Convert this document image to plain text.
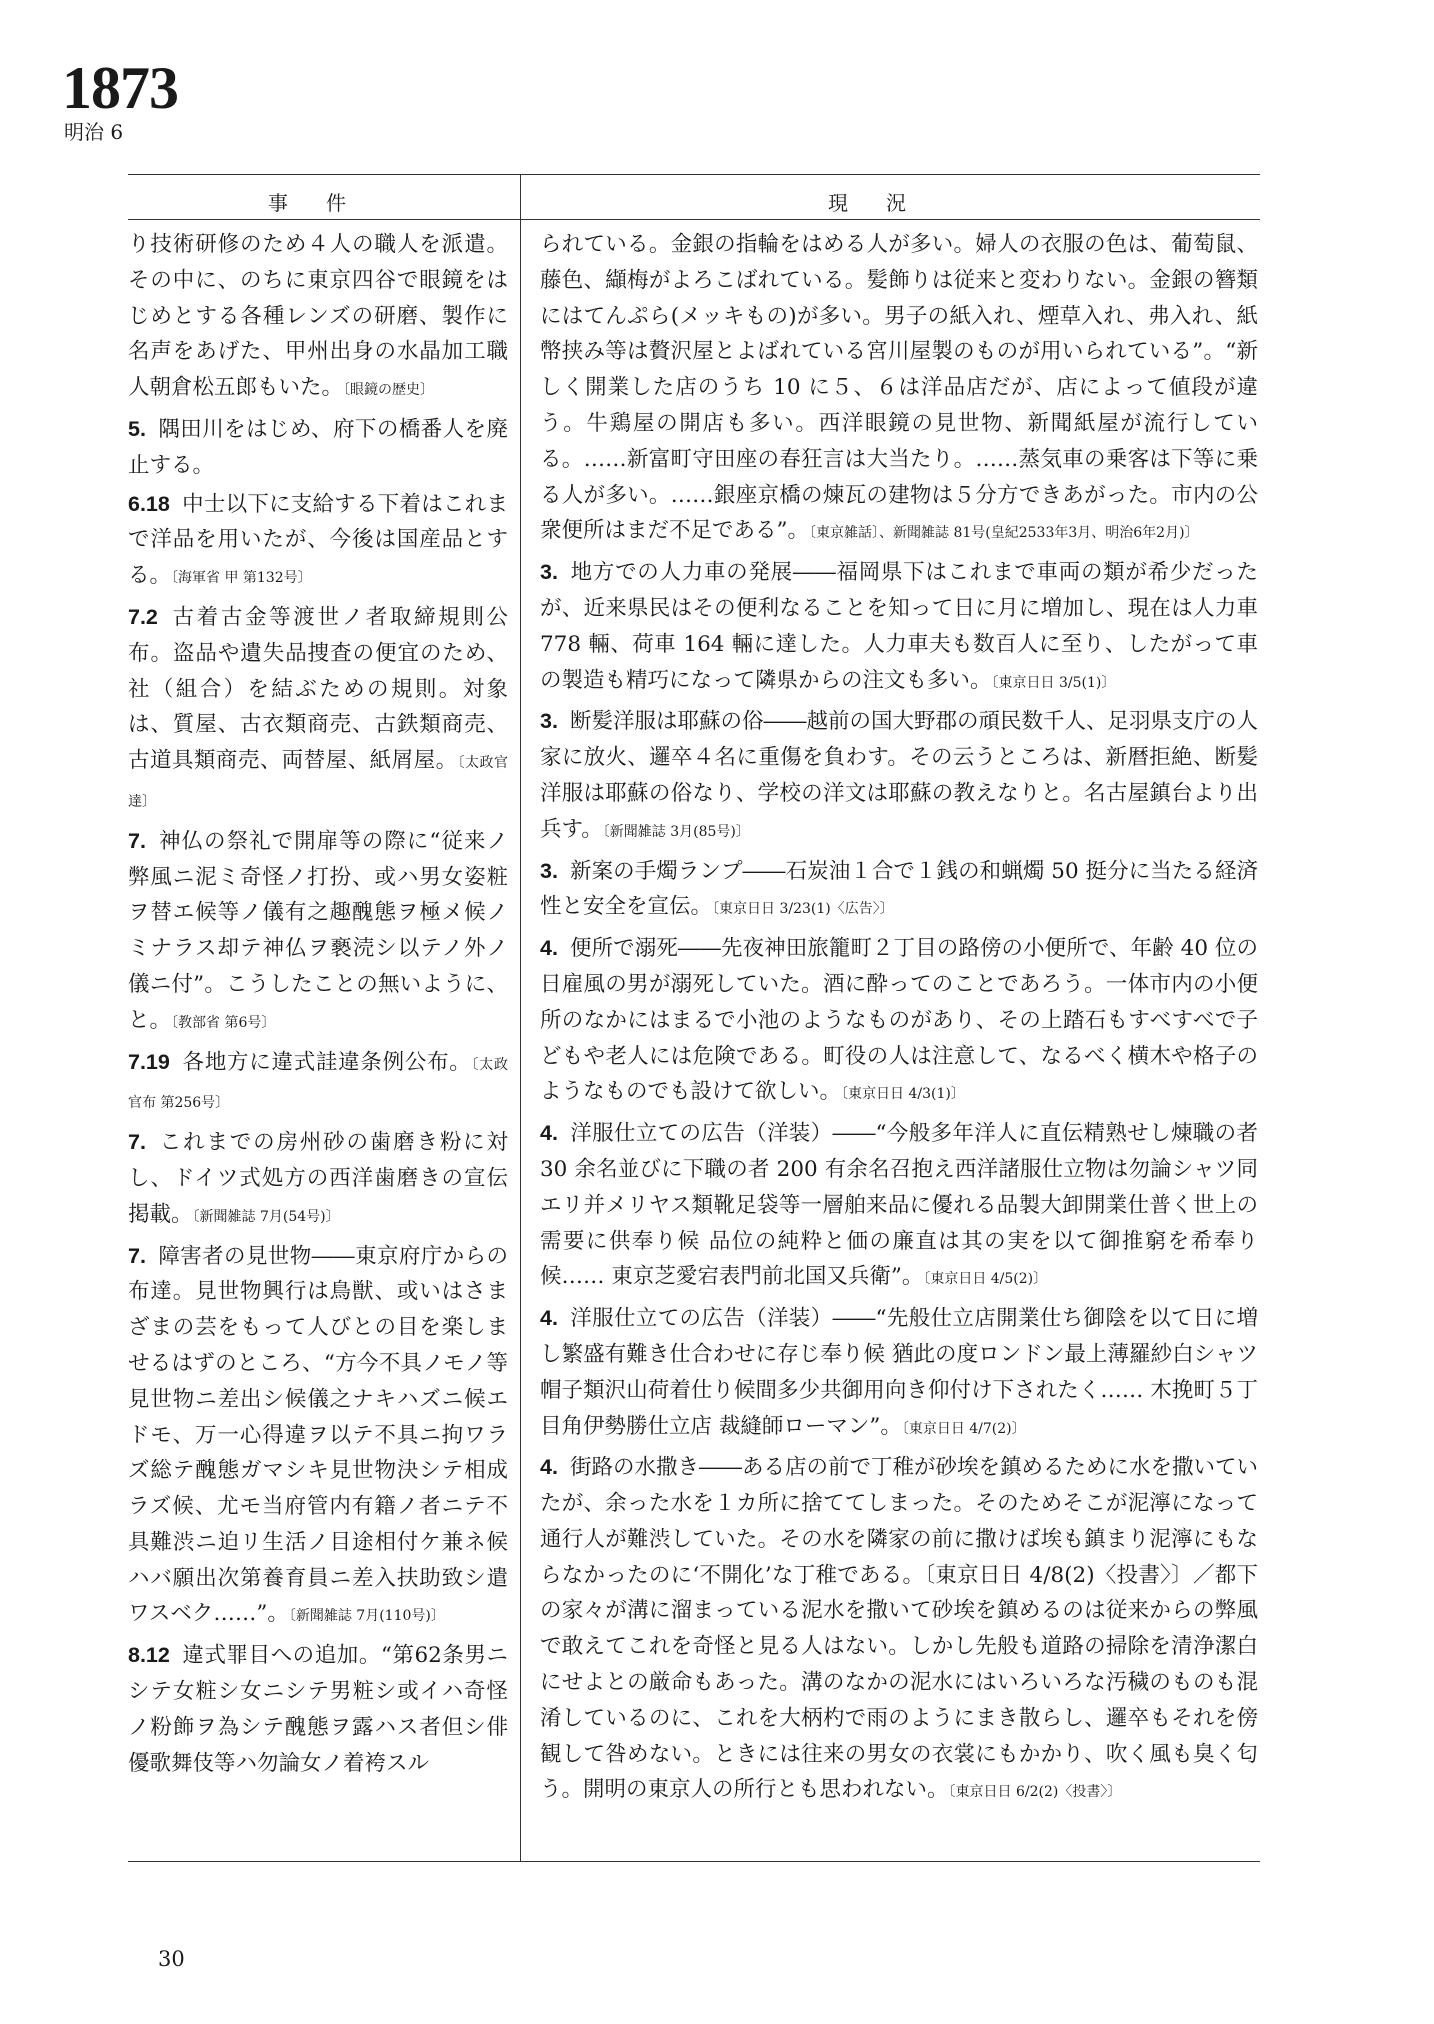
1873
明治 6
事件	現況

り技術研修のため４人の職人を派遣。その中に、のちに東京四谷で眼鏡をはじめとする各種レンズの研磨、製作に名声をあげた、甲州出身の水晶加工職人朝倉松五郎もいた。〔眼鏡の歴史〕

5. 隅田川をはじめ、府下の橋番人を廃止する。

6.18 中士以下に支給する下着はこれまで洋品を用いたが、今後は国産品とする。〔海軍省 甲 第132号〕

7.2 古着古金等渡世ノ者取締規則公布。盗品や遺失品捜査の便宜のため、社（組合）を結ぶための規則。対象は、質屋、古衣類商売、古鉄類商売、古道具類商売、両替屋、紙屑屋。〔太政官達〕

7. 神仏の祭礼で開扉等の際に“従来ノ弊風ニ泥ミ奇怪ノ打扮、或ハ男女姿粧ヲ替エ候等ノ儀有之趣醜態ヲ極メ候ノミナラス却テ神仏ヲ褻涜シ以テノ外ノ儀ニ付”。こうしたことの無いように、と。〔教部省 第6号〕

7.19 各地方に違式詿違条例公布。〔太政官布 第256号〕

7. これまでの房州砂の歯磨き粉に対し、ドイツ式処方の西洋歯磨きの宣伝掲載。〔新聞雑誌 7月(54号)〕

7. 障害者の見世物――東京府庁からの布達。見世物興行は鳥獣、或いはさまざまの芸をもって人びとの目を楽しませるはずのところ、“方今不具ノモノ等見世物ニ差出シ候儀之ナキハズニ候エドモ、万一心得違ヲ以テ不具ニ拘ワラズ総テ醜態ガマシキ見世物決シテ相成ラズ候、尤モ当府管内有籍ノ者ニテ不具難渋ニ迫リ生活ノ目途相付ケ兼ネ候ハバ願出次第養育員ニ差入扶助致シ遣ワスベク……”。〔新聞雑誌 7月(110号)〕

8.12 違式罪目への追加。“第62条男ニシテ女粧シ女ニシテ男粧シ或イハ奇怪ノ粉飾ヲ為シテ醜態ヲ露ハス者但シ俳優歌舞伎等ハ勿論女ノ着袴スル

られている。金銀の指輪をはめる人が多い。婦人の衣服の色は、葡萄鼠、藤色、纈梅がよろこばれている。髪飾りは従来と変わりない。金銀の簪類にはてんぷら(メッキもの)が多い。男子の紙入れ、煙草入れ、弗入れ、紙幣挟み等は贅沢屋とよばれている宮川屋製のものが用いられている”。“新しく開業した店のうち 10 に５、６は洋品店だが、店によって値段が違う。牛鶏屋の開店も多い。西洋眼鏡の見世物、新聞紙屋が流行している。……新富町守田座の春狂言は大当たり。……蒸気車の乗客は下等に乗る人が多い。……銀座京橋の煉瓦の建物は５分方できあがった。市内の公衆便所はまだ不足である”。〔東京雑話〕、新聞雑誌 81号(皇紀2533年3月、明治6年2月)〕

3. 地方での人力車の発展――福岡県下はこれまで車両の類が希少だったが、近来県民はその便利なることを知って日に月に増加し、現在は人力車 778 輛、荷車 164 輛に達した。人力車夫も数百人に至り、したがって車の製造も精巧になって隣県からの注文も多い。〔東京日日 3/5(1)〕

3. 断髪洋服は耶蘇の俗――越前の国大野郡の頑民数千人、足羽県支庁の人家に放火、邏卒４名に重傷を負わす。その云うところは、新暦拒絶、断髪洋服は耶蘇の俗なり、学校の洋文は耶蘇の教えなりと。名古屋鎮台より出兵す。〔新聞雑誌 3月(85号)〕

3. 新案の手燭ランプ――石炭油１合で１銭の和蝋燭 50 挺分に当たる経済性と安全を宣伝。〔東京日日 3/23(1)〈広告〉〕

4. 便所で溺死――先夜神田旅籠町２丁目の路傍の小便所で、年齢 40 位の日雇風の男が溺死していた。酒に酔ってのことであろう。一体市内の小便所のなかにはまるで小池のようなものがあり、その上踏石もすべすべで子どもや老人には危険である。町役の人は注意して、なるべく横木や格子のようなものでも設けて欲しい。〔東京日日 4/3(1)〕

4. 洋服仕立ての広告（洋装）――“今般多年洋人に直伝精熟せし煉職の者 30 余名並びに下職の者 200 有余名召抱え西洋諸服仕立物は勿論シャツ同エリ并メリヤス類靴足袋等一層舶来品に優れる品製大卸開業仕普く世上の需要に供奉り候 品位の純粋と価の廉直は其の実を以て御推窮を希奉り候…… 東京芝愛宕表門前北国又兵衛”。〔東京日日 4/5(2)〕

4. 洋服仕立ての広告（洋装）――“先般仕立店開業仕ち御陰を以て日に増し繁盛有難き仕合わせに存じ奉り候 猶此の度ロンドン最上薄羅紗白シャツ帽子類沢山荷着仕り候間多少共御用向き仰付け下されたく…… 木挽町５丁目角伊勢勝仕立店 裁縫師ローマン”。〔東京日日 4/7(2)〕

4. 街路の水撒き――ある店の前で丁稚が砂埃を鎮めるために水を撒いていたが、余った水を１カ所に捨ててしまった。そのためそこが泥濘になって通行人が難渋していた。その水を隣家の前に撒けば埃も鎮まり泥濘にもならなかったのに‘不開化’な丁稚である。〔東京日日 4/8(2)〈投書〉〕／都下の家々が溝に溜まっている泥水を撒いて砂埃を鎮めるのは従来からの弊風で敢えてこれを奇怪と見る人はない。しかし先般も道路の掃除を清浄潔白にせよとの厳命もあった。溝のなかの泥水にはいろいろな汚穢のものも混淆しているのに、これを大柄杓で雨のようにまき散らし、邏卒もそれを傍観して咎めない。ときには往来の男女の衣裳にもかかり、吹く風も臭く匂う。開明の東京人の所行とも思われない。〔東京日日 6/2(2)〈投書〉〕

30
